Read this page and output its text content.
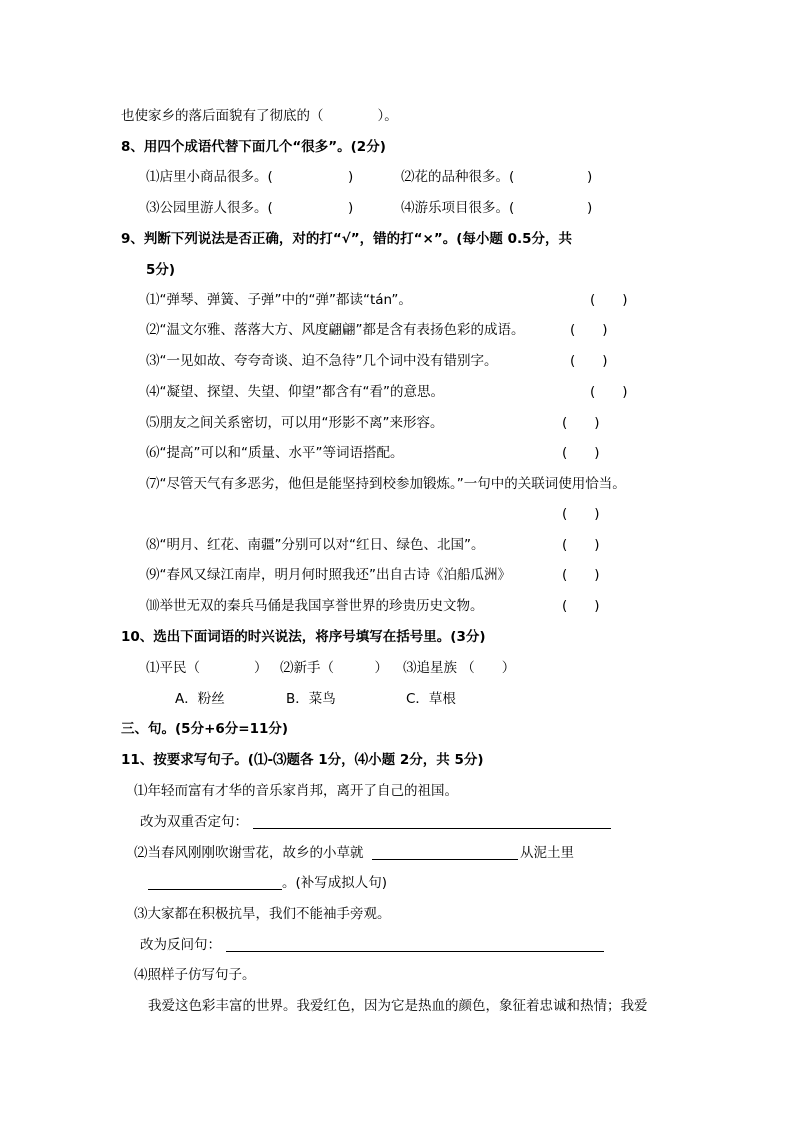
也使家乡的落后面貌有了彻底的（　　　　）。
8、用四个成语代替下面几个“很多”。(2分)
⑴店里小商品很多。(	)	⑵花的品种很多。(	)
⑶公园里游人很多。(	)	⑷游乐项目很多。(	)
9、判断下列说法是否正确，对的打“√”，错的打“×”。(每小题 0.5分，共
5分)
⑴“弹琴、弹簧、子弹”中的“弹”都读“tán”。	(　　)
⑵“温文尔雅、落落大方、风度翩翩”都是含有表扬色彩的成语。	(　　)
⑶“一见如故、夸夸奇谈、迫不急待”几个词中没有错别字。	(　　)
⑷“凝望、探望、失望、仰望”都含有“看”的意思。	(　　)
⑸朋友之间关系密切，可以用“形影不离”来形容。	(　　)
⑹“提高”可以和“质量、水平”等词语搭配。	(　　)
⑺“尽管天气有多恶劣，他但是能坚持到校参加锻炼。”一句中的关联词使用恰当。
(　　)
⑻“明月、红花、南疆”分别可以对“红日、绿色、北国”。	(　　)
⑼“春风又绿江南岸，明月何时照我还”出自古诗《泊船瓜洲》	(　　)
⑽举世无双的秦兵马俑是我国享誉世界的珍贵历史文物。	(　　)
10、选出下面词语的时兴说法，将序号填写在括号里。(3分)
⑴平民（　　　　） ⑵新手（　　　） ⑶追星族 （　　）
A．粉丝	B．菜鸟	C．草根
三、句。(5分+6分=11分)
11、按要求写句子。(⑴-⑶题各 1分，⑷小题 2分，共 5分)
⑴年轻而富有才华的音乐家肖邦，离开了自己的祖国。
改为双重否定句：
⑵当春风刚刚吹谢雪花，故乡的小草就	从泥土里
。(补写成拟人句)
⑶大家都在积极抗旱，我们不能袖手旁观。
改为反问句：
⑷照样子仿写句子。
我爱这色彩丰富的世界。我爱红色，因为它是热血的颜色，象征着忠诚和热情；我爱
